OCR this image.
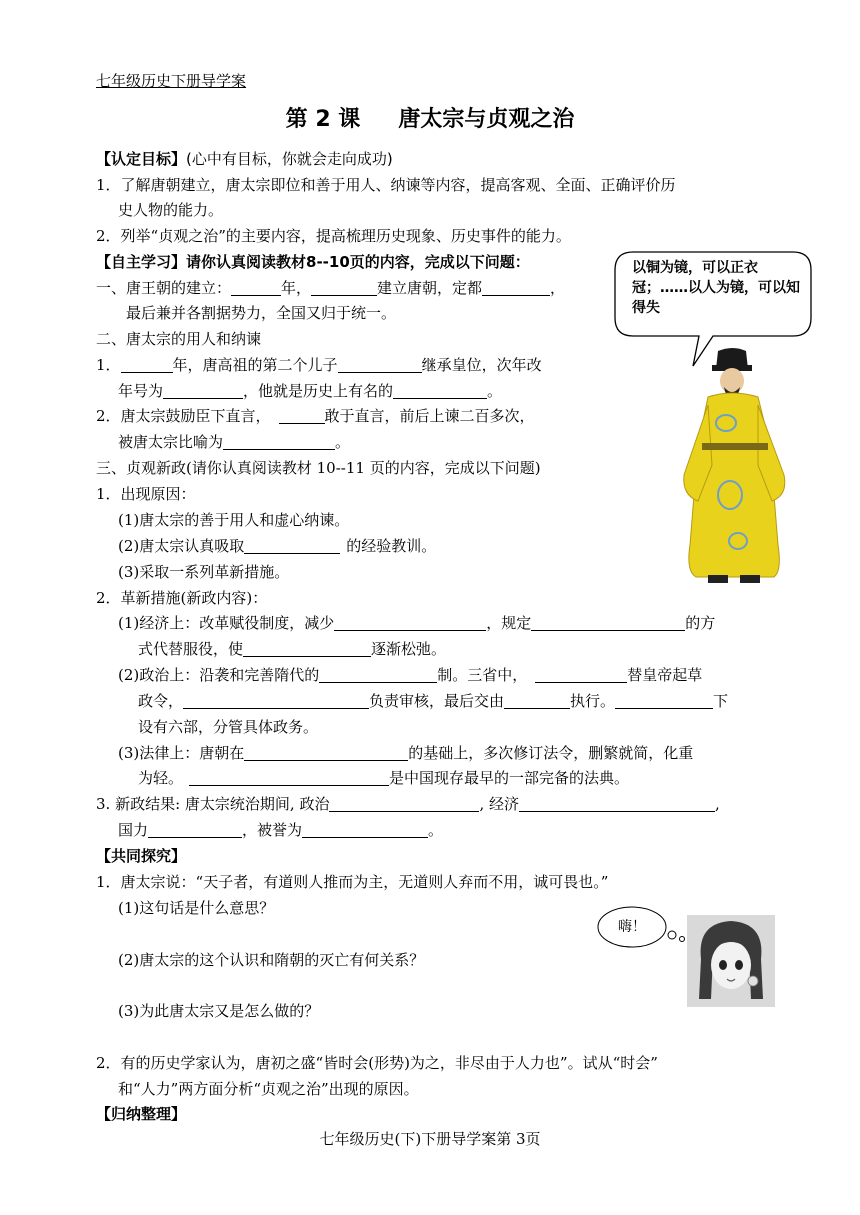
七年级历史下册导学案
第 2 课 唐太宗与贞观之治
【认定目标】(心中有目标，你就会走向成功)
1．了解唐朝建立，唐太宗即位和善于用人、纳谏等内容，提高客观、全面、正确评价历
史人物的能力。
2．列举“贞观之治”的主要内容，提高梳理历史现象、历史事件的能力。
【自主学习】请你认真阅读教材8--10页的内容，完成以下问题：
一、唐王朝的建立：	年，	建立唐朝，定都	，
最后兼并各割据势力，全国又归于统一。
二、唐太宗的用人和纳谏
1．	年，唐高祖的第二个儿子	继承皇位，次年改
年号为	，他就是历史上有名的	。
2．唐太宗鼓励臣下直言，	敢于直言，前后上谏二百多次，
被唐太宗比喻为	。
三、贞观新政(请你认真阅读教材 10--11 页的内容，完成以下问题)
1．出现原因：
(1)唐太宗的善于用人和虚心纳谏。
(2)唐太宗认真吸取	的经验教训。
(3)采取一系列革新措施。
2．革新措施(新政内容)：
(1)经济上：改革赋役制度，减少	，规定	的方
式代替服役，使	逐渐松弛。
(2)政治上：沿袭和完善隋代的	制。三省中，	替皇帝起草
政令，	负责审核，最后交由	执行。	下
设有六部，分管具体政务。
(3)法律上：唐朝在	的基础上，多次修订法令，删繁就简，化重
为轻。	是中国现存最早的一部完备的法典。
3. 新政结果: 唐太宗统治期间, 政治	, 经济	,
国力	，被誉为	。
【共同探究】
1．唐太宗说：“天子者，有道则人推而为主，无道则人弃而不用，诚可畏也。”
(1)这句话是什么意思？
(2)唐太宗的这个认识和隋朝的灭亡有何关系？
(3)为此唐太宗又是怎么做的？
2．有的历史学家认为，唐初之盛“皆时会(形势)为之，非尽由于人力也”。试从“时会”
和“人力”两方面分析“贞观之治”出现的原因。
【归纳整理】
以铜为镜，可以正衣冠；……以人为镜，可以知得失
嗨！
七年级历史(下)下册导学案第 3页
